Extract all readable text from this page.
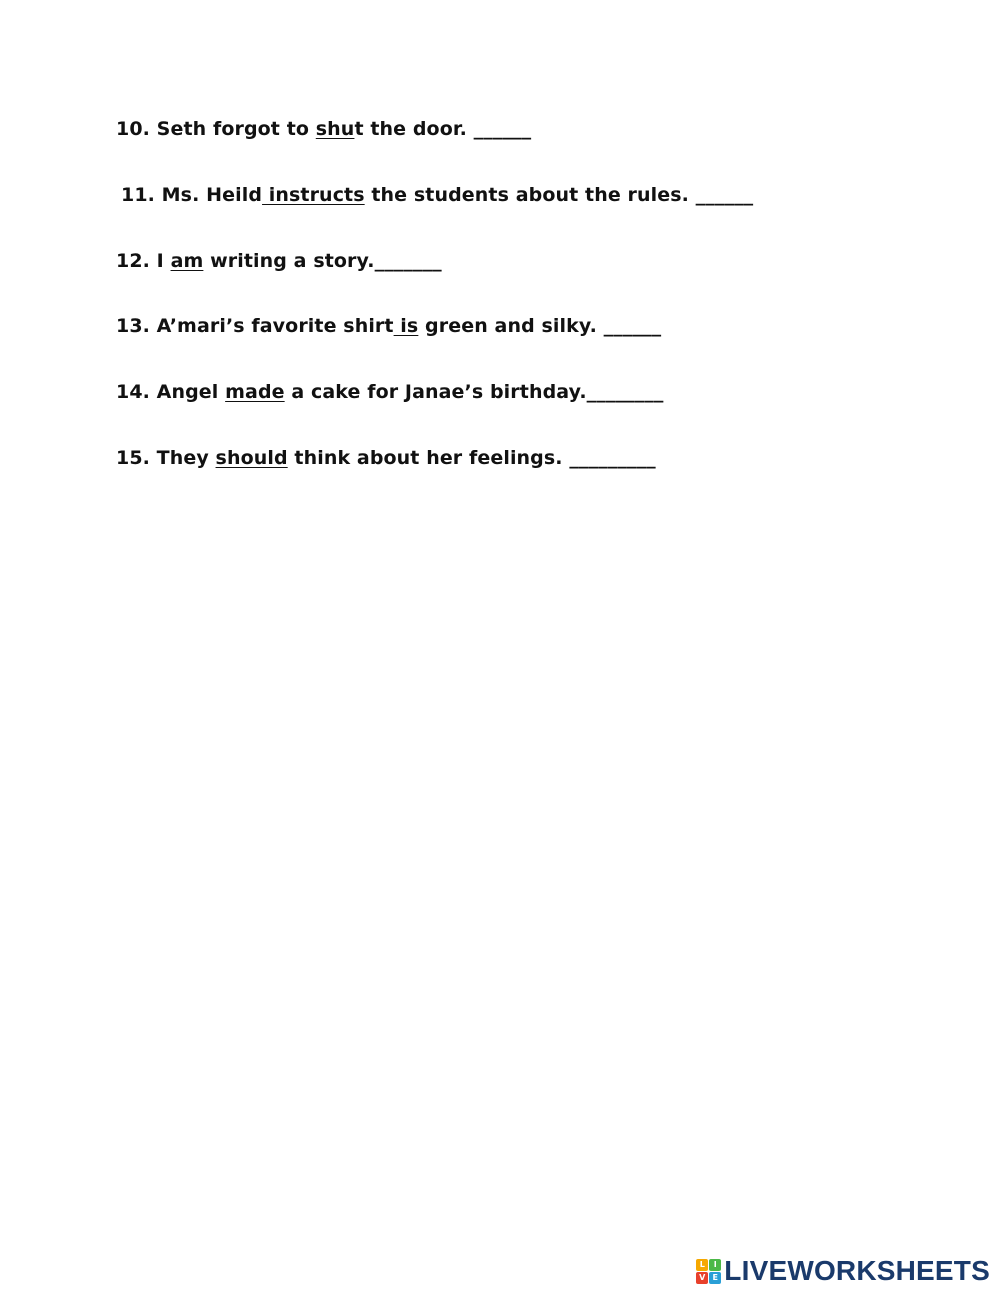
10. Seth forgot to shut the door. ______
11. Ms. Heild instructs the students about the rules. ______
12. I am writing a story._______
13. A’mari’s favorite shirt is green and silky. ______
14. Angel made a cake for Janae’s birthday.________
15. They should think about her feelings. _________
L	I
V E LIVEWORKSHEETS
